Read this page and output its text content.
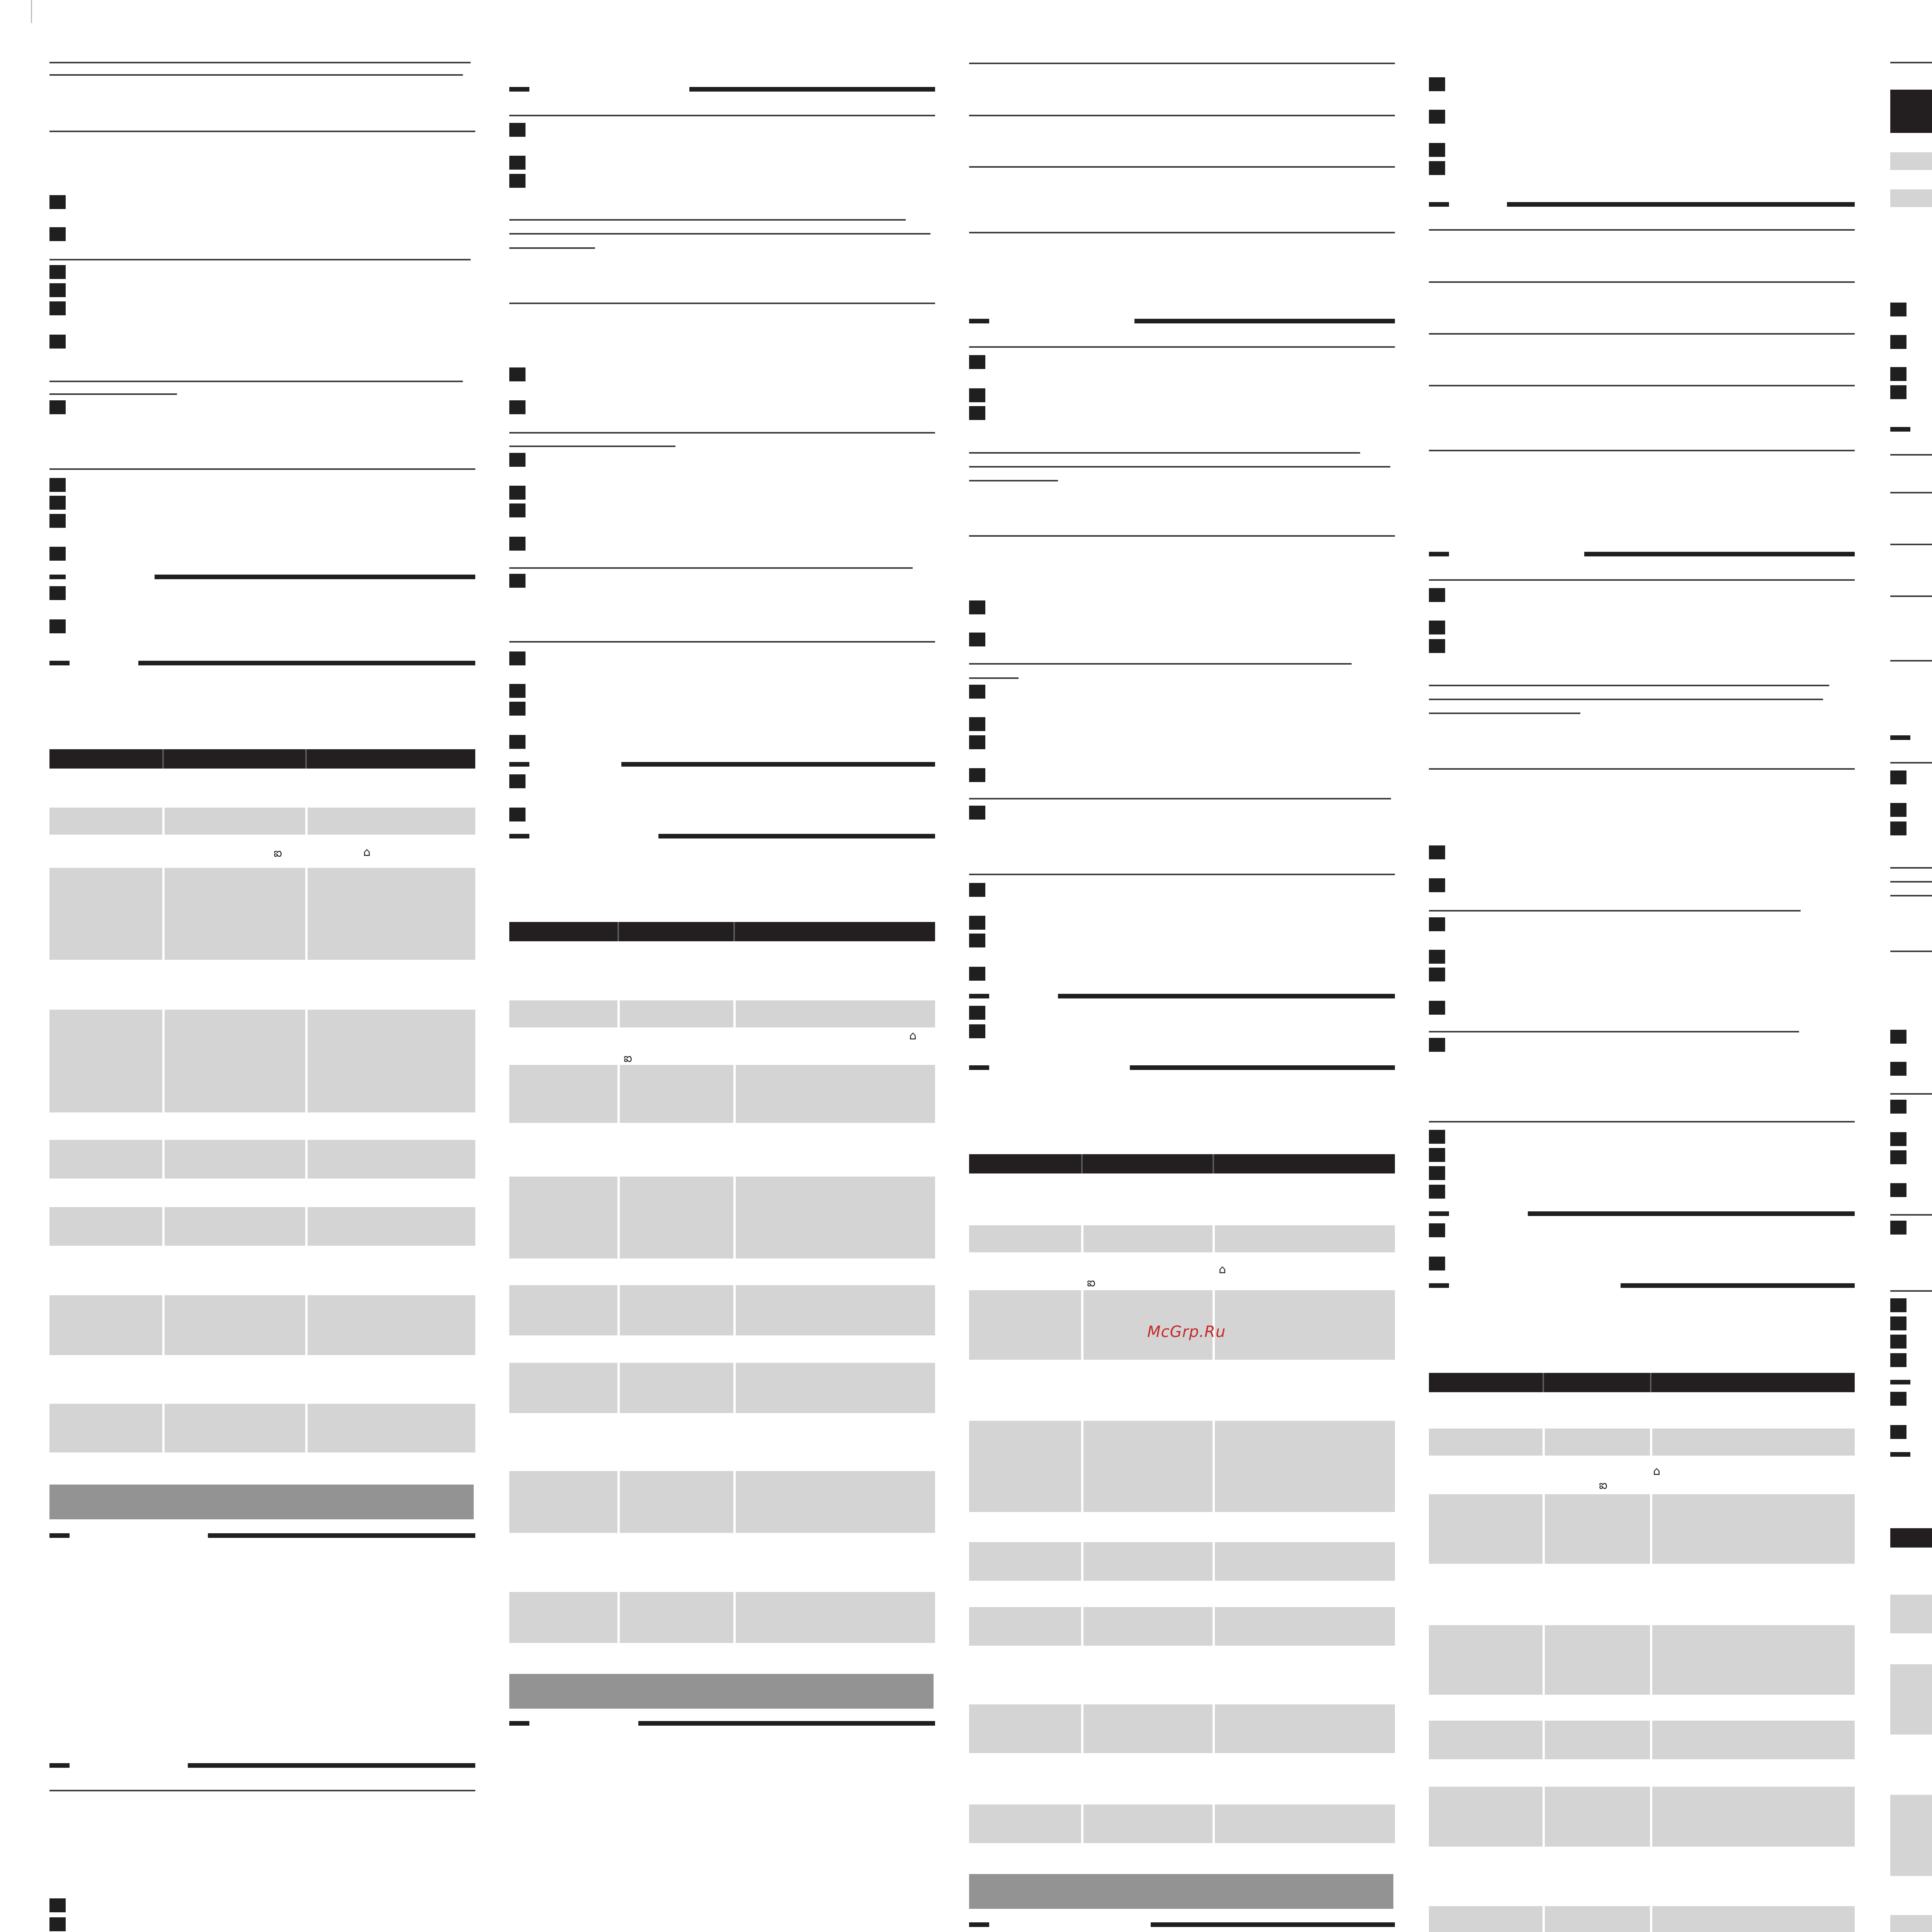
ఐ	⌂
ఐ
⌂
ఐ
⌂
ఐ
⌂
McGrp.Ru
